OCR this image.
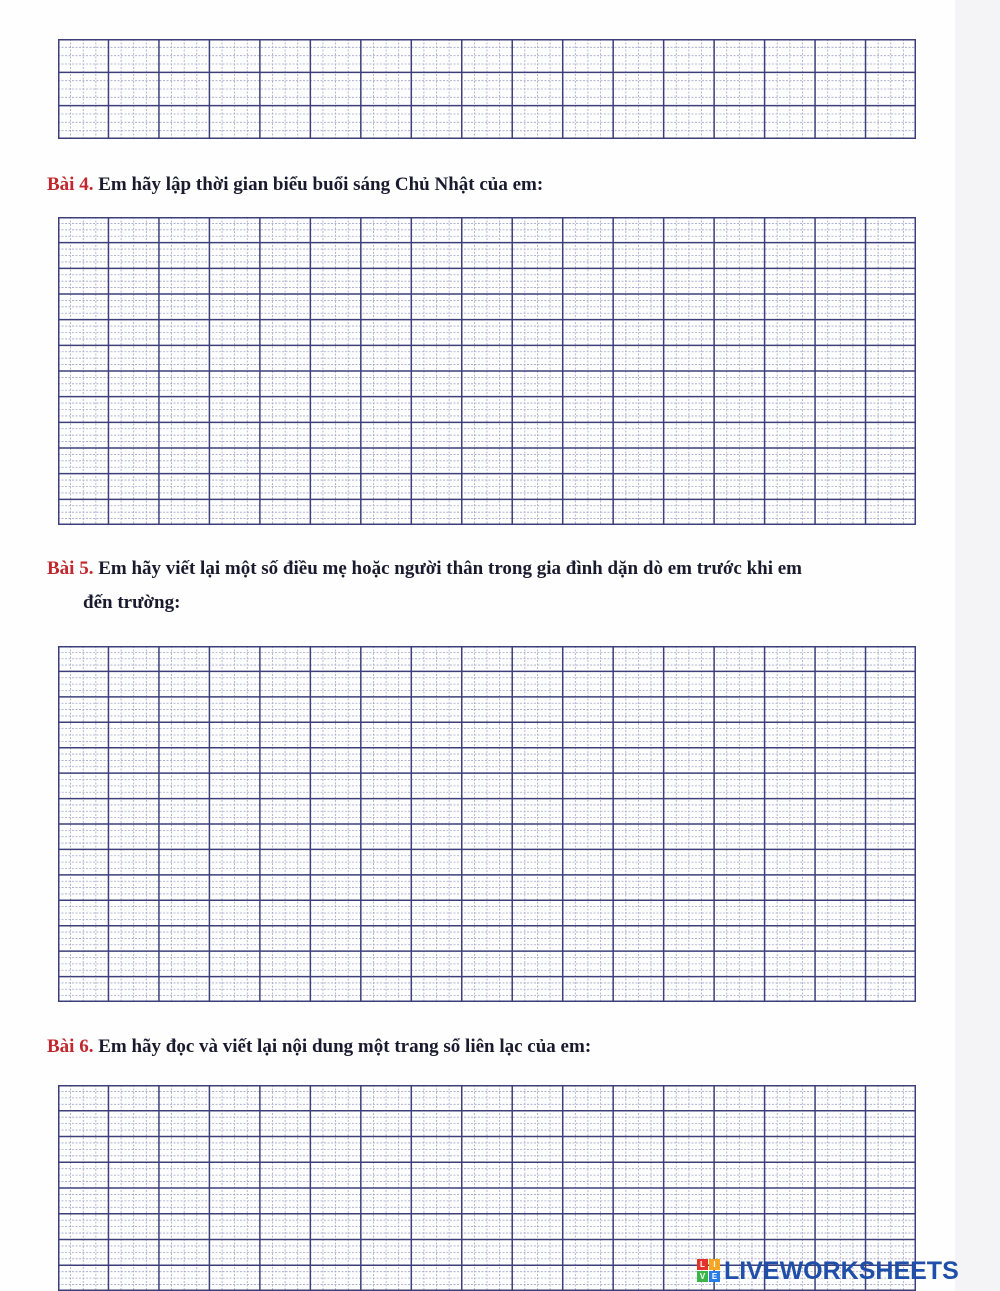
Bài 4. Em hãy lập thời gian biểu buổi sáng Chủ Nhật của em:
Bài 5. Em hãy viết lại một số điều mẹ hoặc người thân trong gia đình dặn dò em trước khi em
đến trường:
Bài 6. Em hãy đọc và viết lại nội dung một trang sổ liên lạc của em:
L	I
V E LIVEWORKSHEETS
